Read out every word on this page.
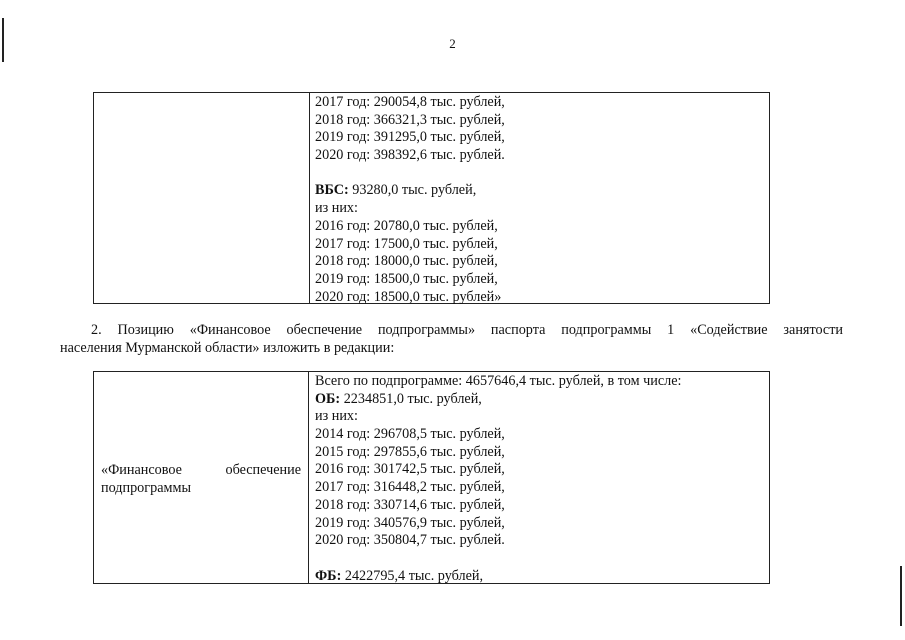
2
2017 год: 290054,8 тыс. рублей,
2018 год: 366321,3 тыс. рублей,
2019 год: 391295,0 тыс. рублей,
2020 год: 398392,6 тыс. рублей.
ВБС: 93280,0 тыс. рублей,
из них:
2016 год: 20780,0 тыс. рублей,
2017 год: 17500,0 тыс. рублей,
2018 год: 18000,0 тыс. рублей,
2019 год: 18500,0 тыс. рублей,
2020 год: 18500,0 тыс. рублей»
2. Позицию «Финансовое обеспечение подпрограммы» паспорта подпрограммы 1 «Содействие занятости
населения Мурманской области» изложить в редакции:
«Финансовое	обеспечение
подпрограммы
Всего по подпрограмме: 4657646,4 тыс. рублей, в том числе:
ОБ: 2234851,0 тыс. рублей,
из них:
2014 год: 296708,5 тыс. рублей,
2015 год: 297855,6 тыс. рублей,
2016 год: 301742,5 тыс. рублей,
2017 год: 316448,2 тыс. рублей,
2018 год: 330714,6 тыс. рублей,
2019 год: 340576,9 тыс. рублей,
2020 год: 350804,7 тыс. рублей.
ФБ: 2422795,4 тыс. рублей,
